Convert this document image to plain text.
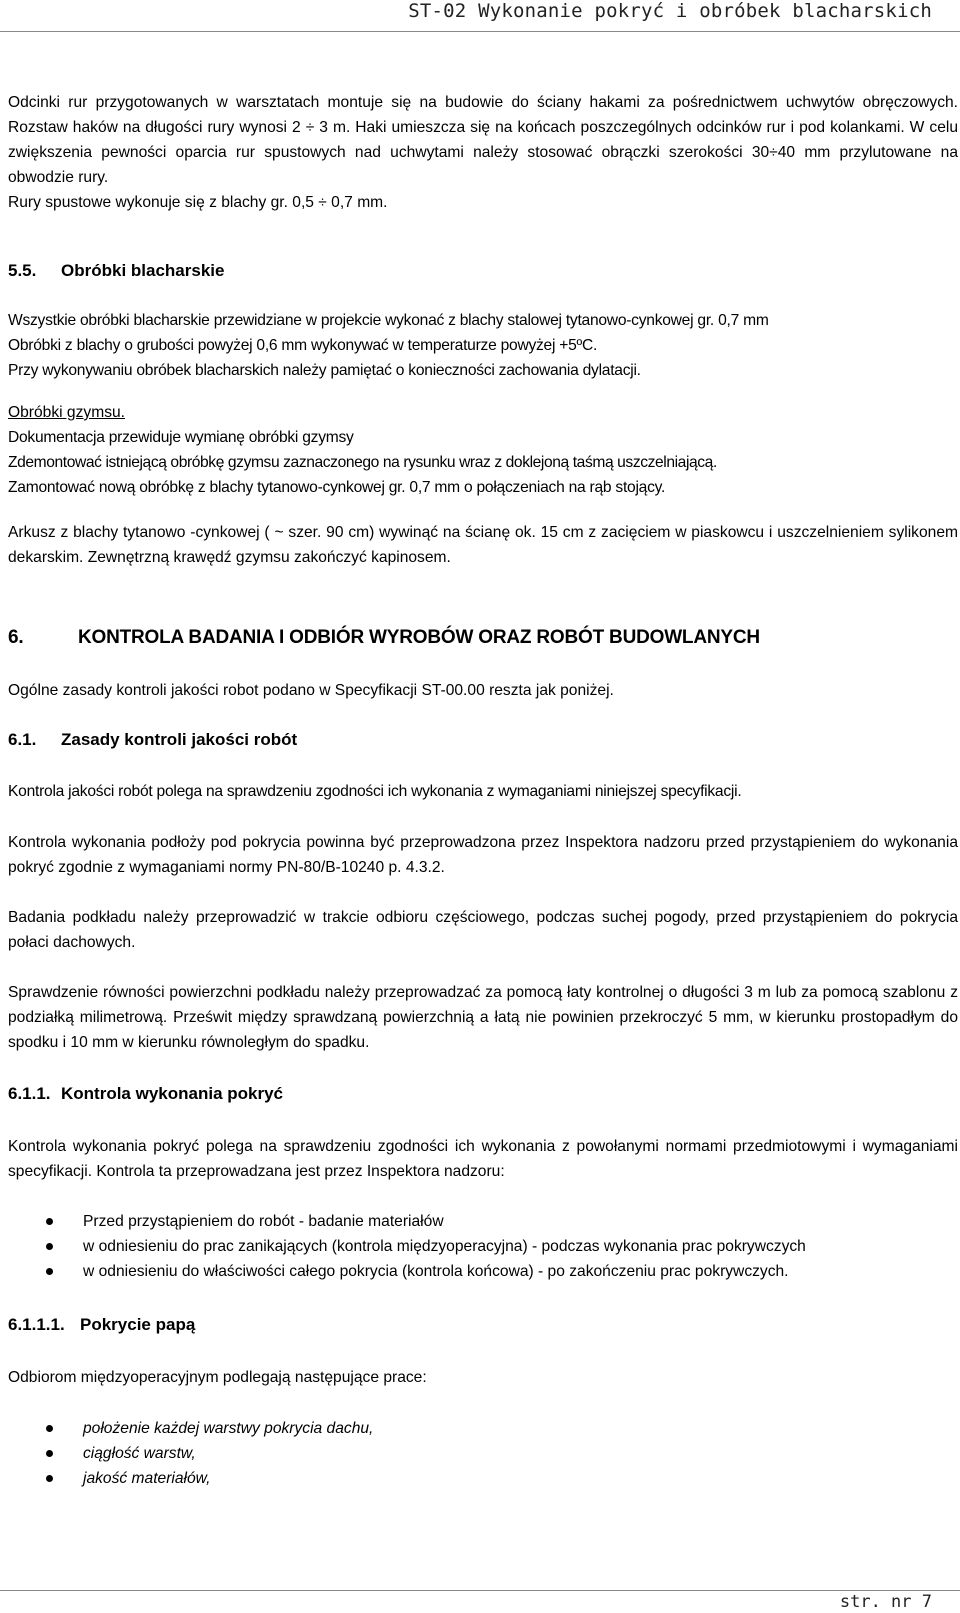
ST-02 Wykonanie pokryć i obróbek blacharskich

Odcinki rur przygotowanych w warsztatach montuje się na budowie do ściany hakami za pośrednictwem uchwytów obręczowych. Rozstaw haków na długości rury wynosi 2 ÷ 3 m. Haki umieszcza się na końcach poszczególnych odcinków rur i pod kolankami. W celu zwiększenia pewności oparcia rur spustowych nad uchwytami należy stosować obrączki szerokości 30÷40 mm przylutowane na obwodzie rury.

Rury spustowe wykonuje się z blachy gr. 0,5 ÷ 0,7 mm.

5.5. Obróbki blacharskie

Wszystkie obróbki blacharskie przewidziane w projekcie wykonać z blachy stalowej tytanowo-cynkowej gr. 0,7 mm

Obróbki z blachy o grubości powyżej 0,6 mm wykonywać w temperaturze powyżej +5ºC.

Przy wykonywaniu obróbek blacharskich należy pamiętać o konieczności zachowania dylatacji.

Obróbki gzymsu.

Dokumentacja przewiduje wymianę obróbki gzymsy

Zdemontować istniejącą obróbkę gzymsu zaznaczonego na rysunku wraz z doklejoną taśmą uszczelniającą.

Zamontować nową obróbkę z blachy tytanowo-cynkowej gr. 0,7 mm o połączeniach na rąb stojący.

Arkusz z blachy tytanowo -cynkowej ( ~ szer. 90 cm) wywinąć na ścianę ok. 15 cm z zacięciem w piaskowcu i uszczelnieniem sylikonem dekarskim. Zewnętrzną krawędź gzymsu zakończyć kapinosem.

6.	KONTROLA BADANIA I ODBIÓR WYROBÓW ORAZ ROBÓT BUDOWLANYCH

Ogólne zasady kontroli jakości robot podano w Specyfikacji ST-00.00 reszta jak poniżej.

6.1. Zasady kontroli jakości robót

Kontrola jakości robót polega na sprawdzeniu zgodności ich wykonania z wymaganiami niniejszej specyfikacji.

Kontrola wykonania podłoży pod pokrycia powinna być przeprowadzona przez Inspektora nadzoru przed przystąpieniem do wykonania pokryć zgodnie z wymaganiami normy PN-80/B-10240 p. 4.3.2.

Badania podkładu należy przeprowadzić w trakcie odbioru częściowego, podczas suchej pogody, przed przystąpieniem do pokrycia połaci dachowych.

Sprawdzenie równości powierzchni podkładu należy przeprowadzać za pomocą łaty kontrolnej o długości 3 m lub za pomocą szablonu z podziałką milimetrową. Prześwit między sprawdzaną powierzchnią a łatą nie powinien przekroczyć 5 mm, w kierunku prostopadłym do spodku i 10 mm w kierunku równoległym do spadku.

6.1.1. Kontrola wykonania pokryć

Kontrola wykonania pokryć polega na sprawdzeniu zgodności ich wykonania z powołanymi normami przedmiotowymi i wymaganiami specyfikacji. Kontrola ta przeprowadzana jest przez Inspektora nadzoru:

Przed przystąpieniem do robót - badanie materiałów
w odniesieniu do prac zanikających (kontrola międzyoperacyjna) - podczas wykonania prac pokrywczych
w odniesieniu do właściwości całego pokrycia (kontrola końcowa) - po zakończeniu prac pokrywczych.
6.1.1.1. Pokrycie papą

Odbiorom międzyoperacyjnym podlegają następujące prace:

położenie każdej warstwy pokrycia dachu,
ciągłość warstw,
jakość materiałów,
str. nr 7
